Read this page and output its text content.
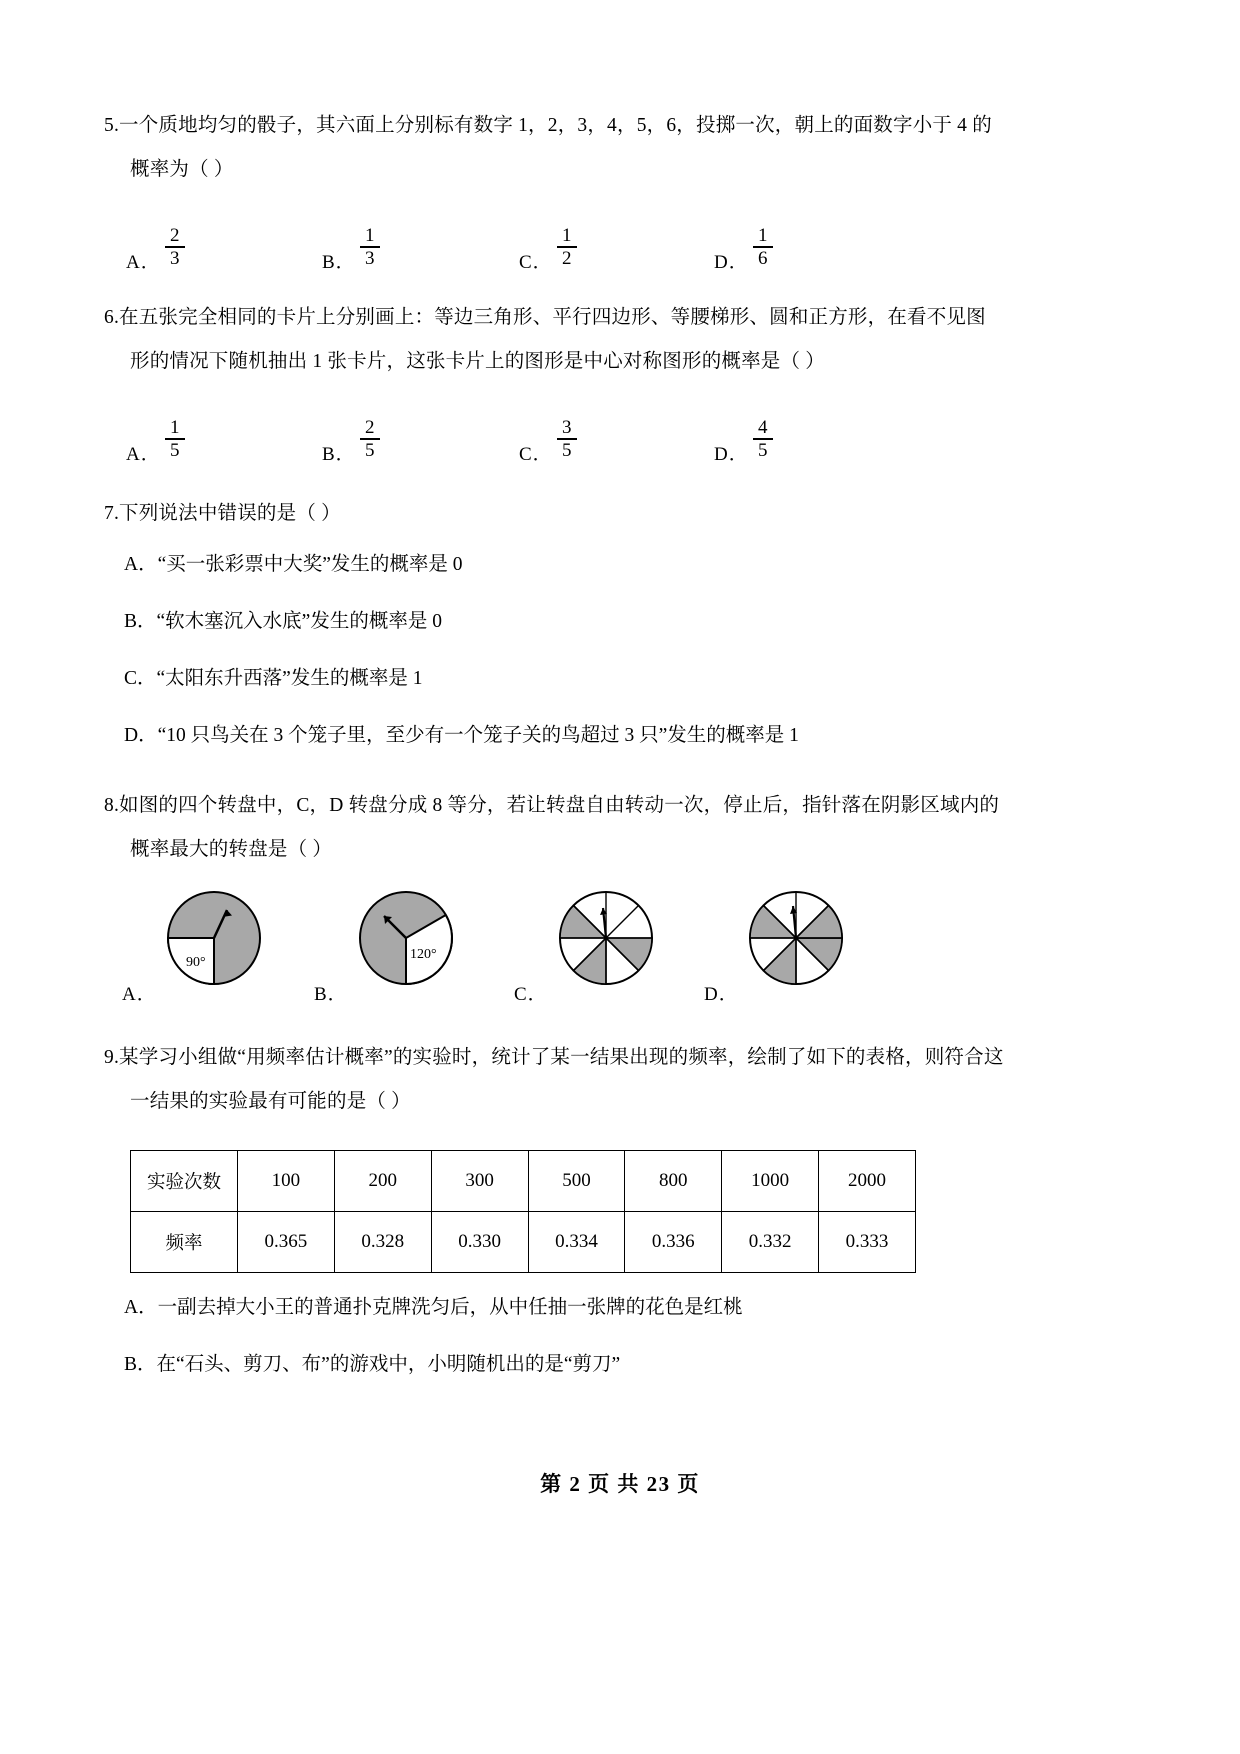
5.一个质地均匀的骰子，其六面上分别标有数字 1，2，3，4，5，6，投掷一次，朝上的面数字小于 4 的
概率为（ ）
A． $\frac{2}{3}$	B． $\frac{1}{3}$	C． $\frac{1}{2}$	D． $\frac{1}{6}$
6.在五张完全相同的卡片上分别画上：等边三角形、平行四边形、等腰梯形、圆和正方形，在看不见图
形的情况下随机抽出 1 张卡片，这张卡片上的图形是中心对称图形的概率是（ ）
A． $\frac{1}{5}$	B． $\frac{2}{5}$	C． $\frac{3}{5}$	D． $\frac{4}{5}$
7.下列说法中错误的是（ ）
A．“买一张彩票中大奖”发生的概率是 0
B．“软木塞沉入水底”发生的概率是 0
C．“太阳东升西落”发生的概率是 1
D．“10 只鸟关在 3 个笼子里，至少有一个笼子关的鸟超过 3 只”发生的概率是 1
8.如图的四个转盘中，C，D 转盘分成 8 等分，若让转盘自由转动一次，停止后，指针落在阴影区域内的
概率最大的转盘是（ ）
90°
A．
120°
B．	C．	D．
9.某学习小组做“用频率估计概率”的实验时，统计了某一结果出现的频率，绘制了如下的表格，则符合这
一结果的实验最有可能的是（ ）
实验次数	100	200	300	500	800	1000	2000
频率	0.365	0.328	0.330	0.334	0.336	0.332	0.333
A．一副去掉大小王的普通扑克牌洗匀后，从中任抽一张牌的花色是红桃
B．在“石头、剪刀、布”的游戏中，小明随机出的是“剪刀”
第 2 页 共 23 页
